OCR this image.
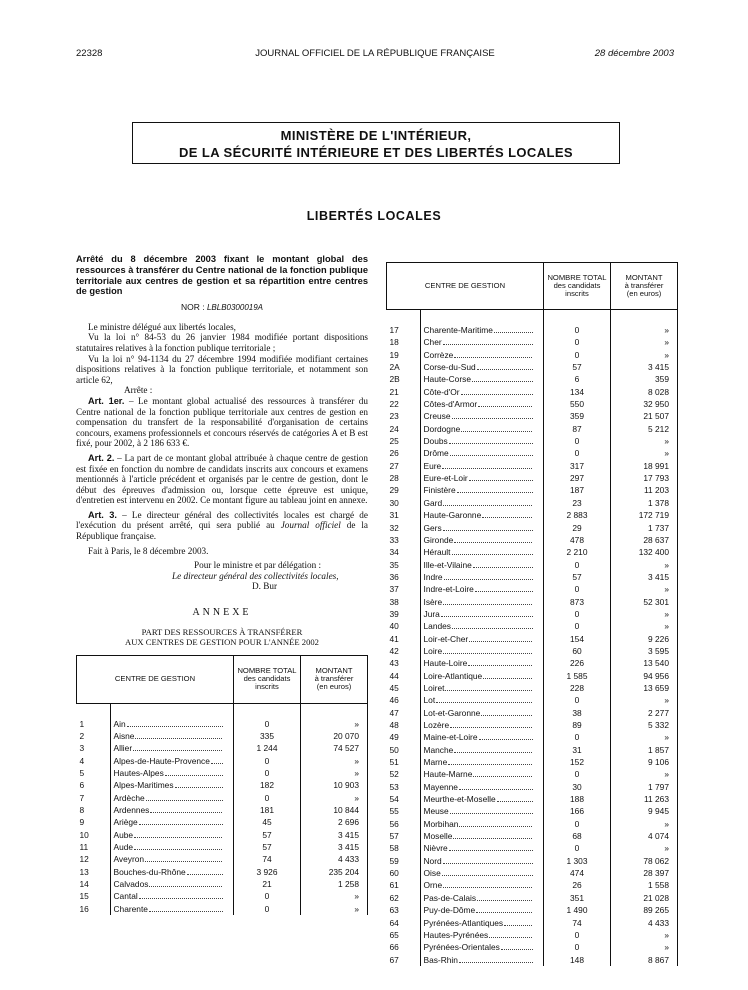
22328	JOURNAL OFFICIEL DE LA RÉPUBLIQUE FRANÇAISE	28 décembre 2003
MINISTÈRE DE L'INTÉRIEUR,
DE LA SÉCURITÉ INTÉRIEURE ET DES LIBERTÉS LOCALES
LIBERTÉS LOCALES

Arrêté du 8 décembre 2003 fixant le montant global des ressources à transférer du Centre national de la fonction publique territoriale aux centres de gestion et sa répartition entre centres de gestion

NOR : LBLB0300019A

Le ministre délégué aux libertés locales,

Vu la loi n° 84-53 du 26 janvier 1984 modifiée portant dispositions statutaires relatives à la fonction publique territoriale ;

Vu la loi n° 94-1134 du 27 décembre 1994 modifiée modifiant certaines dispositions relatives à la fonction publique territoriale, et notamment son article 62,

Arrête :

Art. 1er. – Le montant global actualisé des ressources à transférer du Centre national de la fonction publique territoriale aux centres de gestion en compensation du transfert de la responsabilité d'organisation de certains concours, examens professionnels et concours réservés de catégories A et B est fixé, pour 2002, à 2 186 633 €.

Art. 2. – La part de ce montant global attribuée à chaque centre de gestion est fixée en fonction du nombre de candidats inscrits aux concours et examens mentionnés à l'article précédent et organisés par le centre de gestion, dont le début des épreuves d'admission ou, lorsque cette épreuve est unique, d'entretien est intervenu en 2002. Ce montant figure au tableau joint en annexe.

Art. 3. – Le directeur général des collectivités locales est chargé de l'exécution du présent arrêté, qui sera publié au Journal officiel de la République française.

Fait à Paris, le 8 décembre 2003.

Pour le ministre et par délégation :

Le directeur général des collectivités locales,

D. Bur

ANNEXE

PART DES RESSOURCES À TRANSFÉRER
AUX CENTRES DE GESTION POUR L'ANNÉE 2002

CENTRE DE GESTION		NOMBRE TOTAL
des candidats
inscrits	MONTANT
à transférer
(en euros)

1	Ain	0	»
2	Aisne	335	20 070
3	Allier	1 244	74 527
4	Alpes-de-Haute-Provence	0	»
5	Hautes-Alpes	0	»
6	Alpes-Maritimes	182	10 903
7	Ardèche	0	»
8	Ardennes	181	10 844
9	Ariège	45	2 696
10	Aube	57	3 415
11	Aude	57	3 415
12	Aveyron	74	4 433
13	Bouches-du-Rhône	3 926	235 204
14	Calvados	21	1 258
15	Cantal	0	»
16	Charente	0	»
CENTRE DE GESTION		NOMBRE TOTAL
des candidats
inscrits	MONTANT
à transférer
(en euros)

17	Charente-Maritime	0	»
18	Cher	0	»
19	Corrèze	0	»
2A	Corse-du-Sud	57	3 415
2B	Haute-Corse	6	359
21	Côte-d'Or	134	8 028
22	Côtes-d'Armor	550	32 950
23	Creuse	359	21 507
24	Dordogne	87	5 212
25	Doubs	0	»
26	Drôme	0	»
27	Eure	317	18 991
28	Eure-et-Loir	297	17 793
29	Finistère	187	11 203
30	Gard	23	1 378
31	Haute-Garonne	2 883	172 719
32	Gers	29	1 737
33	Gironde	478	28 637
34	Hérault	2 210	132 400
35	Ille-et-Vilaine	0	»
36	Indre	57	3 415
37	Indre-et-Loire	0	»
38	Isère	873	52 301
39	Jura	0	»
40	Landes	0	»
41	Loir-et-Cher	154	9 226
42	Loire	60	3 595
43	Haute-Loire	226	13 540
44	Loire-Atlantique	1 585	94 956
45	Loiret	228	13 659
46	Lot	0	»
47	Lot-et-Garonne	38	2 277
48	Lozère	89	5 332
49	Maine-et-Loire	0	»
50	Manche	31	1 857
51	Marne	152	9 106
52	Haute-Marne	0	»
53	Mayenne	30	1 797
54	Meurthe-et-Moselle	188	11 263
55	Meuse	166	9 945
56	Morbihan	0	»
57	Moselle	68	4 074
58	Nièvre	0	»
59	Nord	1 303	78 062
60	Oise	474	28 397
61	Orne	26	1 558
62	Pas-de-Calais	351	21 028
63	Puy-de-Dôme	1 490	89 265
64	Pyrénées-Atlantiques	74	4 433
65	Hautes-Pyrénées	0	»
66	Pyrénées-Orientales	0	»
67	Bas-Rhin	148	8 867
